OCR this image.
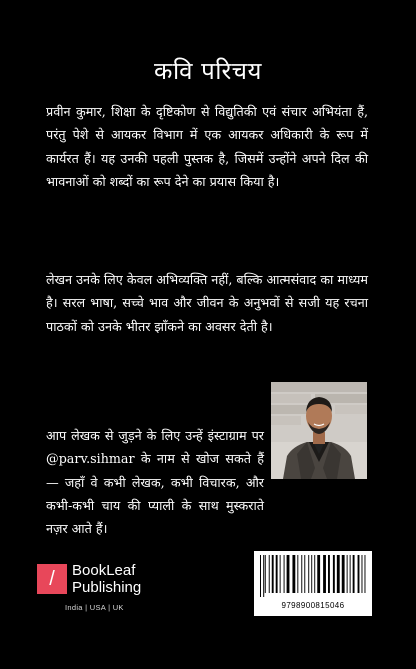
कवि परिचय
प्रवीन कुमार, शिक्षा के दृष्टिकोण से विद्युतिकी एवं संचार अभियंता हैं, परंतु पेशे से आयकर विभाग में एक आयकर अधिकारी के रूप में कार्यरत हैं। यह उनकी पहली पुस्तक है, जिसमें उन्होंने अपने दिल की भावनाओं को शब्दों का रूप देने का प्रयास किया है।
लेखन उनके लिए केवल अभिव्यक्ति नहीं, बल्कि आत्मसंवाद का माध्यम है। सरल भाषा, सच्चे भाव और जीवन के अनुभवों से सजी यह रचना पाठकों को उनके भीतर झाँकने का अवसर देती है।
आप लेखक से जुड़ने के लिए उन्हें इंस्टाग्राम पर @parv.sihmar के नाम से खोज सकते हैं — जहाँ वे कभी लेखक, कभी विचारक, और कभी-कभी चाय की प्याली के साथ मुस्कराते नज़र आते हैं।
/	BookLeaf
Publishing
India | USA | UK	9798900815046
